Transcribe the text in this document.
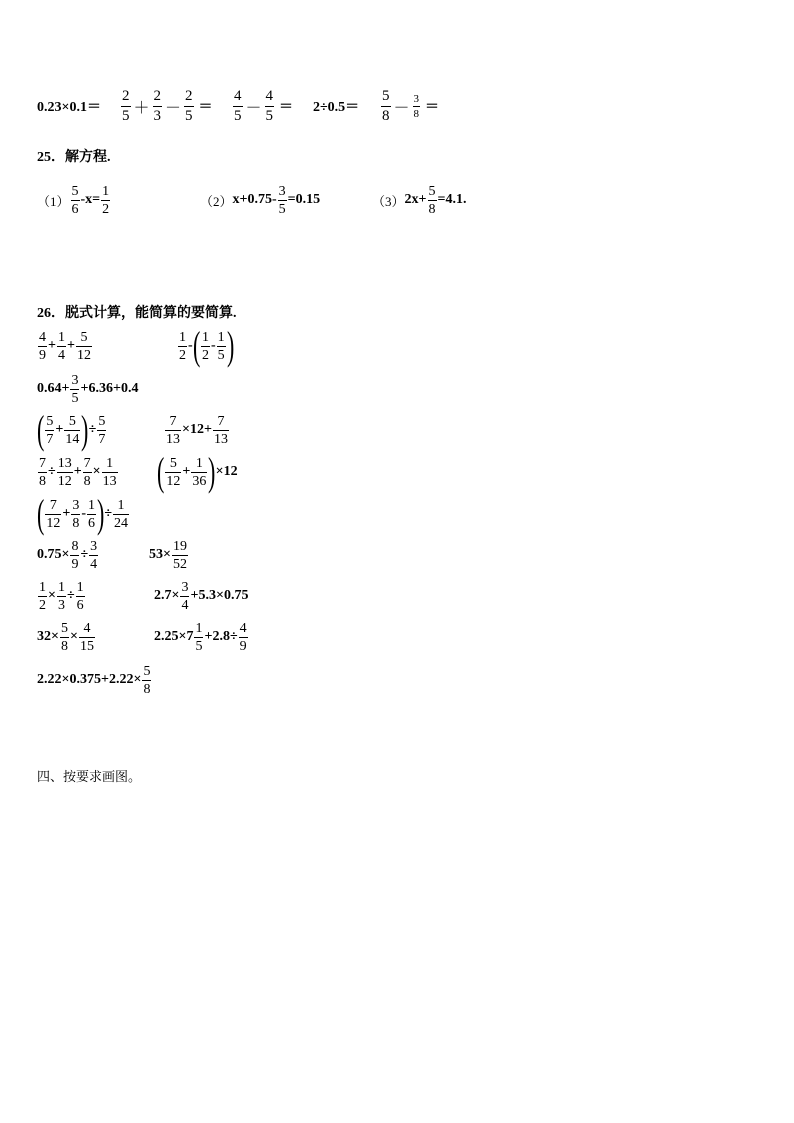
$0.23\times 0.1= \frac{2}{5} + \frac{2}{3} - \frac{2}{5} = \frac{4}{5} - \frac{4}{5} = 2\div 0.5= \frac{5}{8} - \frac{3}{8}$ ＝
25．解方程.
$(1) \frac{5}{6} -x= \frac{1}{2}$	（2） $x+0.75- \frac{3}{5} =0.15$	（3） $2x+ \frac{5}{8} =4.1$.
26．脱式计算，能简算的要简算.
$\frac{4}{9} + \frac{1}{4} + \frac{5}{12}$	$\frac{1}{2}$ - ( $\frac{1}{2} - \frac{1}{5}$ )
$0.64+ \frac{3}{5} +6.36+0.4$
( $\frac{5}{7} + \frac{5}{14}$ ) ÷ $\frac{5}{7}$	$\frac{7}{13} \times 12+ \frac{7}{13}$
$\frac{7}{8} \div \frac{13}{12} + \frac{7}{8} \times \frac{1}{13}$ ( $\frac{5}{12} + \frac{1}{36}$ ) ×12
( $\frac{7}{12} + \frac{3}{8} - \frac{1}{6}$ ) ÷ $\frac{1}{24}$
$0.75\times \frac{8}{9} \div \frac{3}{4}$	$53\times \frac{19}{52}$
$\frac{1}{2} \times \frac{1}{3} \div \frac{1}{6}$	$2.7\times \frac{3}{4} +5.3\times 0.75$
$32\times \frac{5}{8} \times \frac{4}{15}$	$2.25\times 7 \frac{1}{5} +2.8\div \frac{4}{9}$
$2.22\times 0.375+2.22\times \frac{5}{8}$
四、按要求画图。
